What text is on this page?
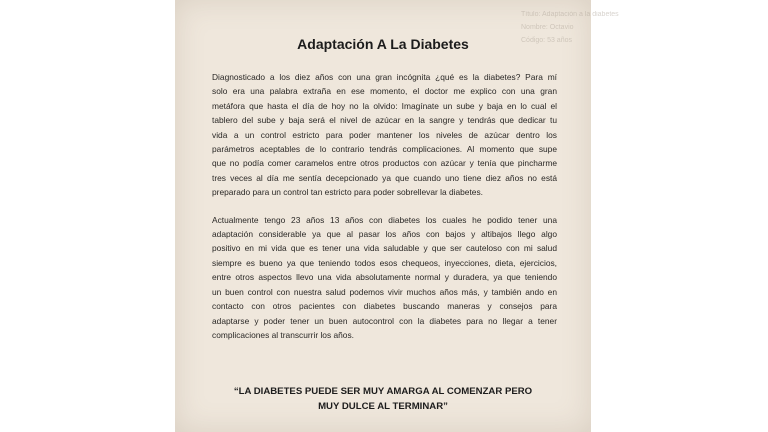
Título: Adaptación a la diabetes
Nombre: Octavio
Código: 53 años
Adaptación A La Diabetes

Diagnosticado a los diez años con una gran incógnita ¿qué es la diabetes? Para mí
solo era una palabra extraña en ese momento, el doctor me explico con una gran
metáfora que hasta el día de hoy no la olvido: Imagínate un sube y baja en lo cual el
tablero del sube y baja será el nivel de azúcar en la sangre y tendrás que dedicar tu
vida a un control estricto para poder mantener los niveles de azúcar dentro los
parámetros aceptables de lo contrario tendrás complicaciones. Al momento que supe
que no podía comer caramelos entre otros productos con azúcar y tenía que pincharme
tres veces al día me sentía decepcionado ya que cuando uno tiene diez años no está
preparado para un control tan estricto para poder sobrellevar la diabetes.

Actualmente tengo 23 años 13 años con diabetes los cuales he podido tener una
adaptación considerable ya que al pasar los años con bajos y altibajos llego algo
positivo en mi vida que es tener una vida saludable y que ser cauteloso con mi salud
siempre es bueno ya que teniendo todos esos chequeos, inyecciones, dieta, ejercicios,
entre otros aspectos llevo una vida absolutamente normal y duradera, ya que teniendo
un buen control con nuestra salud podemos vivir muchos años más, y también ando en
contacto con otros pacientes con diabetes buscando maneras y consejos para
adaptarse y poder tener un buen autocontrol con la diabetes para no llegar a tener
complicaciones al transcurrir los años.

“LA DIABETES PUEDE SER MUY AMARGA AL COMENZAR PERO
MUY DULCE AL TERMINAR”
